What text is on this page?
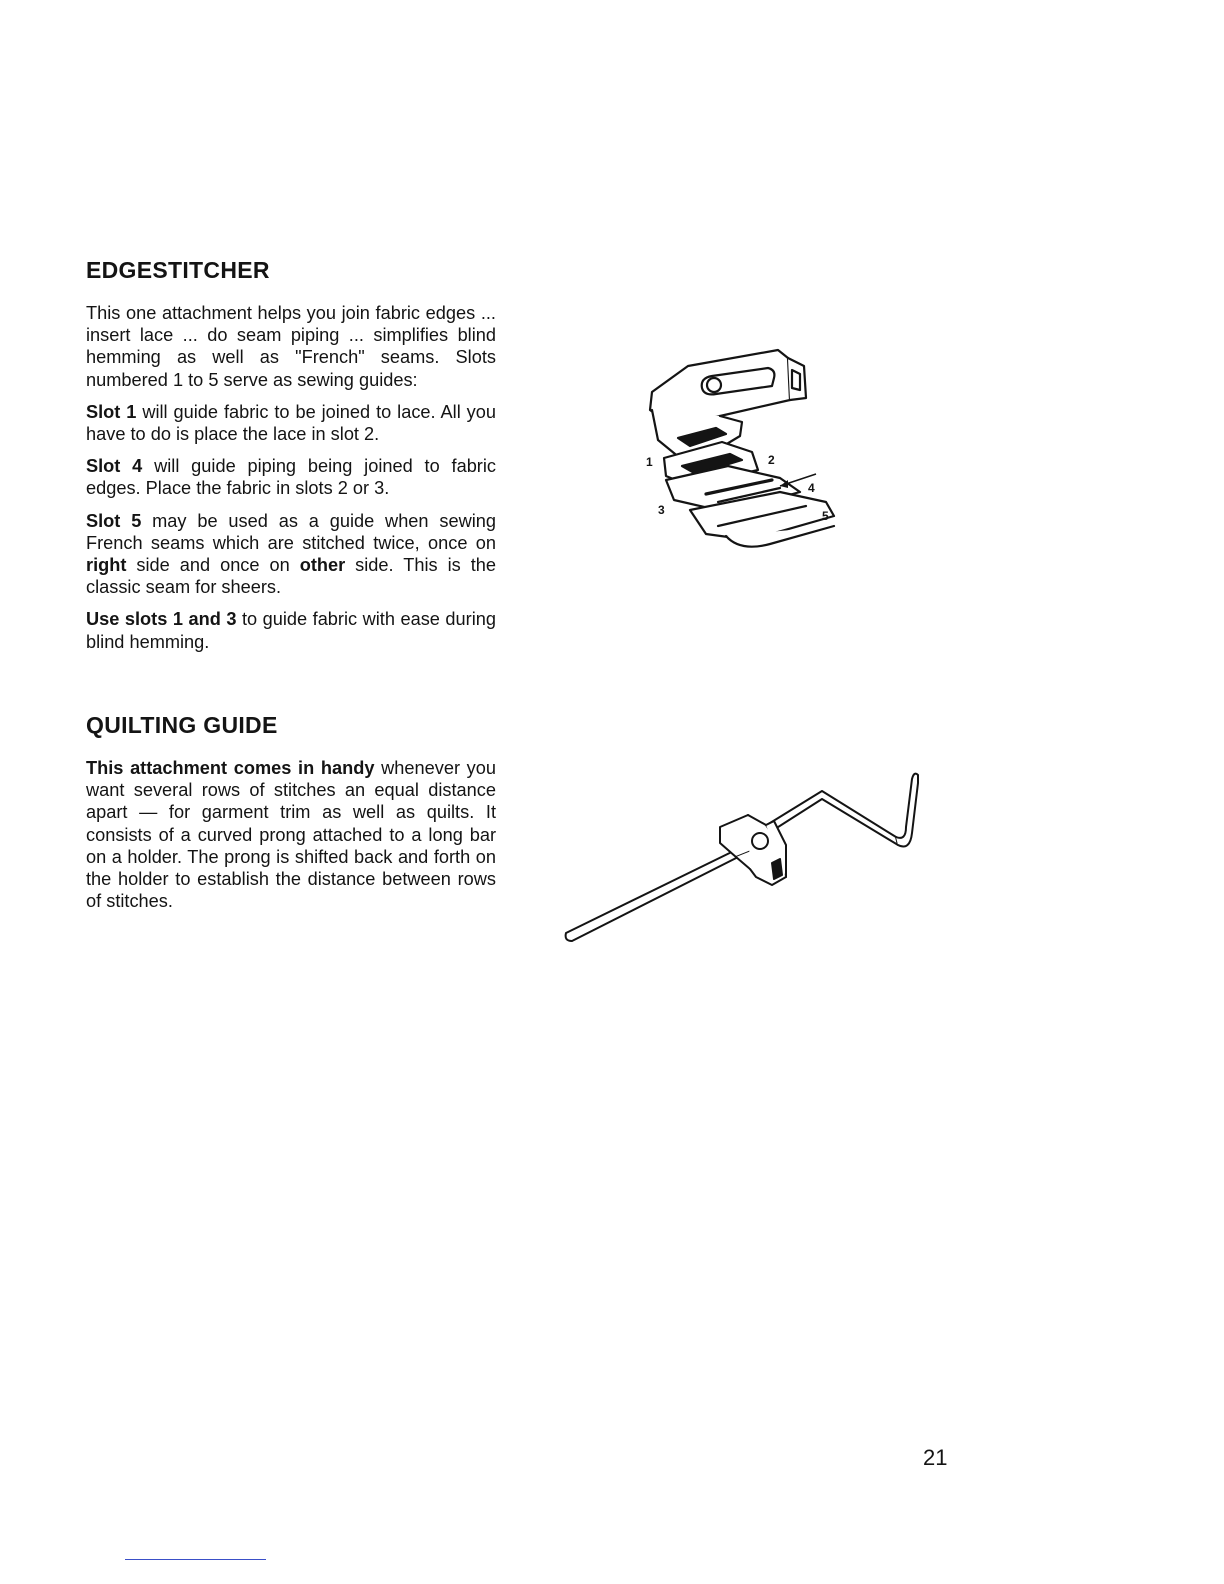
EDGESTITCHER

This one attachment helps you join fabric edges ... insert lace ... do seam piping ... simplifies blind hemming as well as "French" seams. Slots numbered 1 to 5 serve as sewing guides:

Slot 1 will guide fabric to be joined to lace. All you have to do is place the lace in slot 2.

Slot 4 will guide piping being joined to fabric edges. Place the fabric in slots 2 or 3.

Slot 5 may be used as a guide when sewing French seams which are stitched twice, once on right side and once on other side. This is the classic seam for sheers.

Use slots 1 and 3 to guide fabric with ease during blind hemming.

1	2
3
4
5
QUILTING GUIDE

This attachment comes in handy whenever you want several rows of stitches an equal distance apart — for garment trim as well as quilts. It consists of a curved prong attached to a long bar on a holder. The prong is shifted back and forth on the holder to establish the distance between rows of stitches.

21
